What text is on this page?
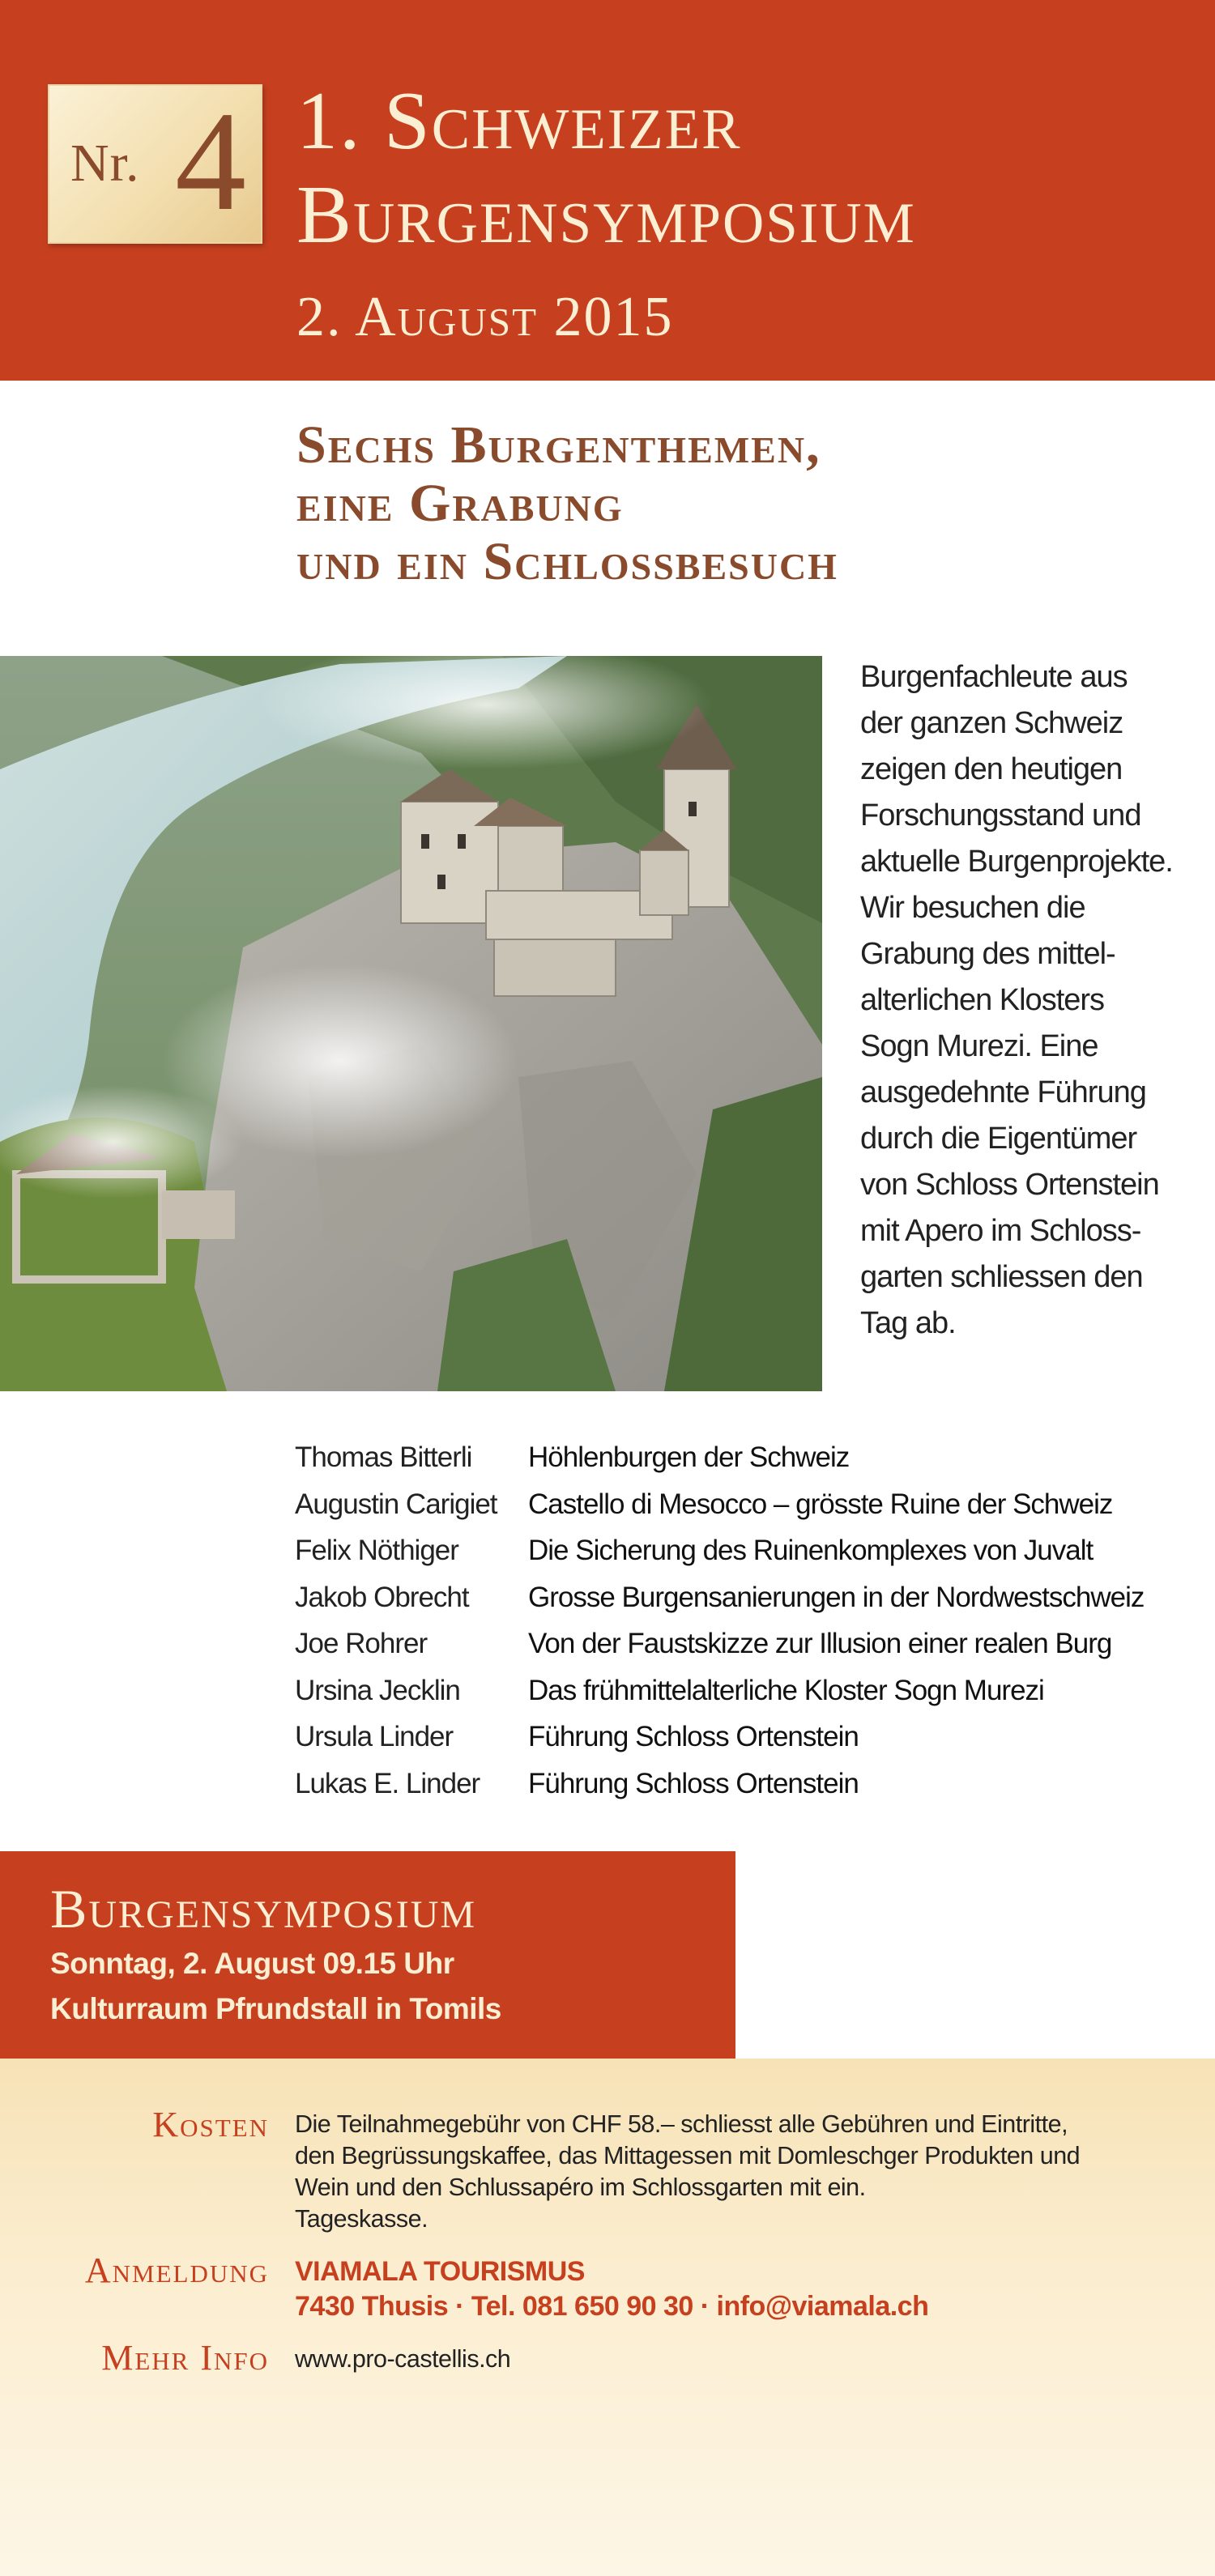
Nr. 4 1. Schweizer
Burgensymposium
2. August 2015
Sechs Burgenthemen,
eine Grabung
und ein Schlossbesuch
Burgenfachleute aus
der ganzen Schweiz
zeigen den heutigen
Forschungsstand und
aktuelle Burgenprojekte.
Wir besuchen die
Grabung des mittel-
alterlichen Klosters
Sogn Murezi. Eine
ausgedehnte Führung
durch die Eigentümer
von Schloss Ortenstein
mit Apero im Schloss-
garten schliessen den
Tag ab.
Thomas Bitterli Höhlenburgen der Schweiz
Augustin Carigiet Castello di Mesocco – grösste Ruine der Schweiz
Felix Nöthiger Die Sicherung des Ruinenkomplexes von Juvalt
Jakob Obrecht Grosse Burgensanierungen in der Nordwestschweiz
Joe Rohrer	Von der Faustskizze zur Illusion einer realen Burg
Ursina Jecklin Das frühmittelalterliche Kloster Sogn Murezi
Ursula Linder	Führung Schloss Ortenstein
Lukas E. Linder Führung Schloss Ortenstein
Burgensymposium
Sonntag, 2. August 09.15 Uhr
Kulturraum Pfrundstall in Tomils
Kosten Die Teilnahmegebühr von CHF 58.– schliesst alle Gebühren und Eintritte,
den Begrüssungskaffee, das Mittagessen mit Domleschger Produkten und
Wein und den Schlussapéro im Schlossgarten mit ein.
Tageskasse.
Anmeldung VIAMALA TOURISMUS
7430 Thusis · Tel. 081 650 90 30 · info@viamala.ch
Mehr Info www.pro-castellis.ch
